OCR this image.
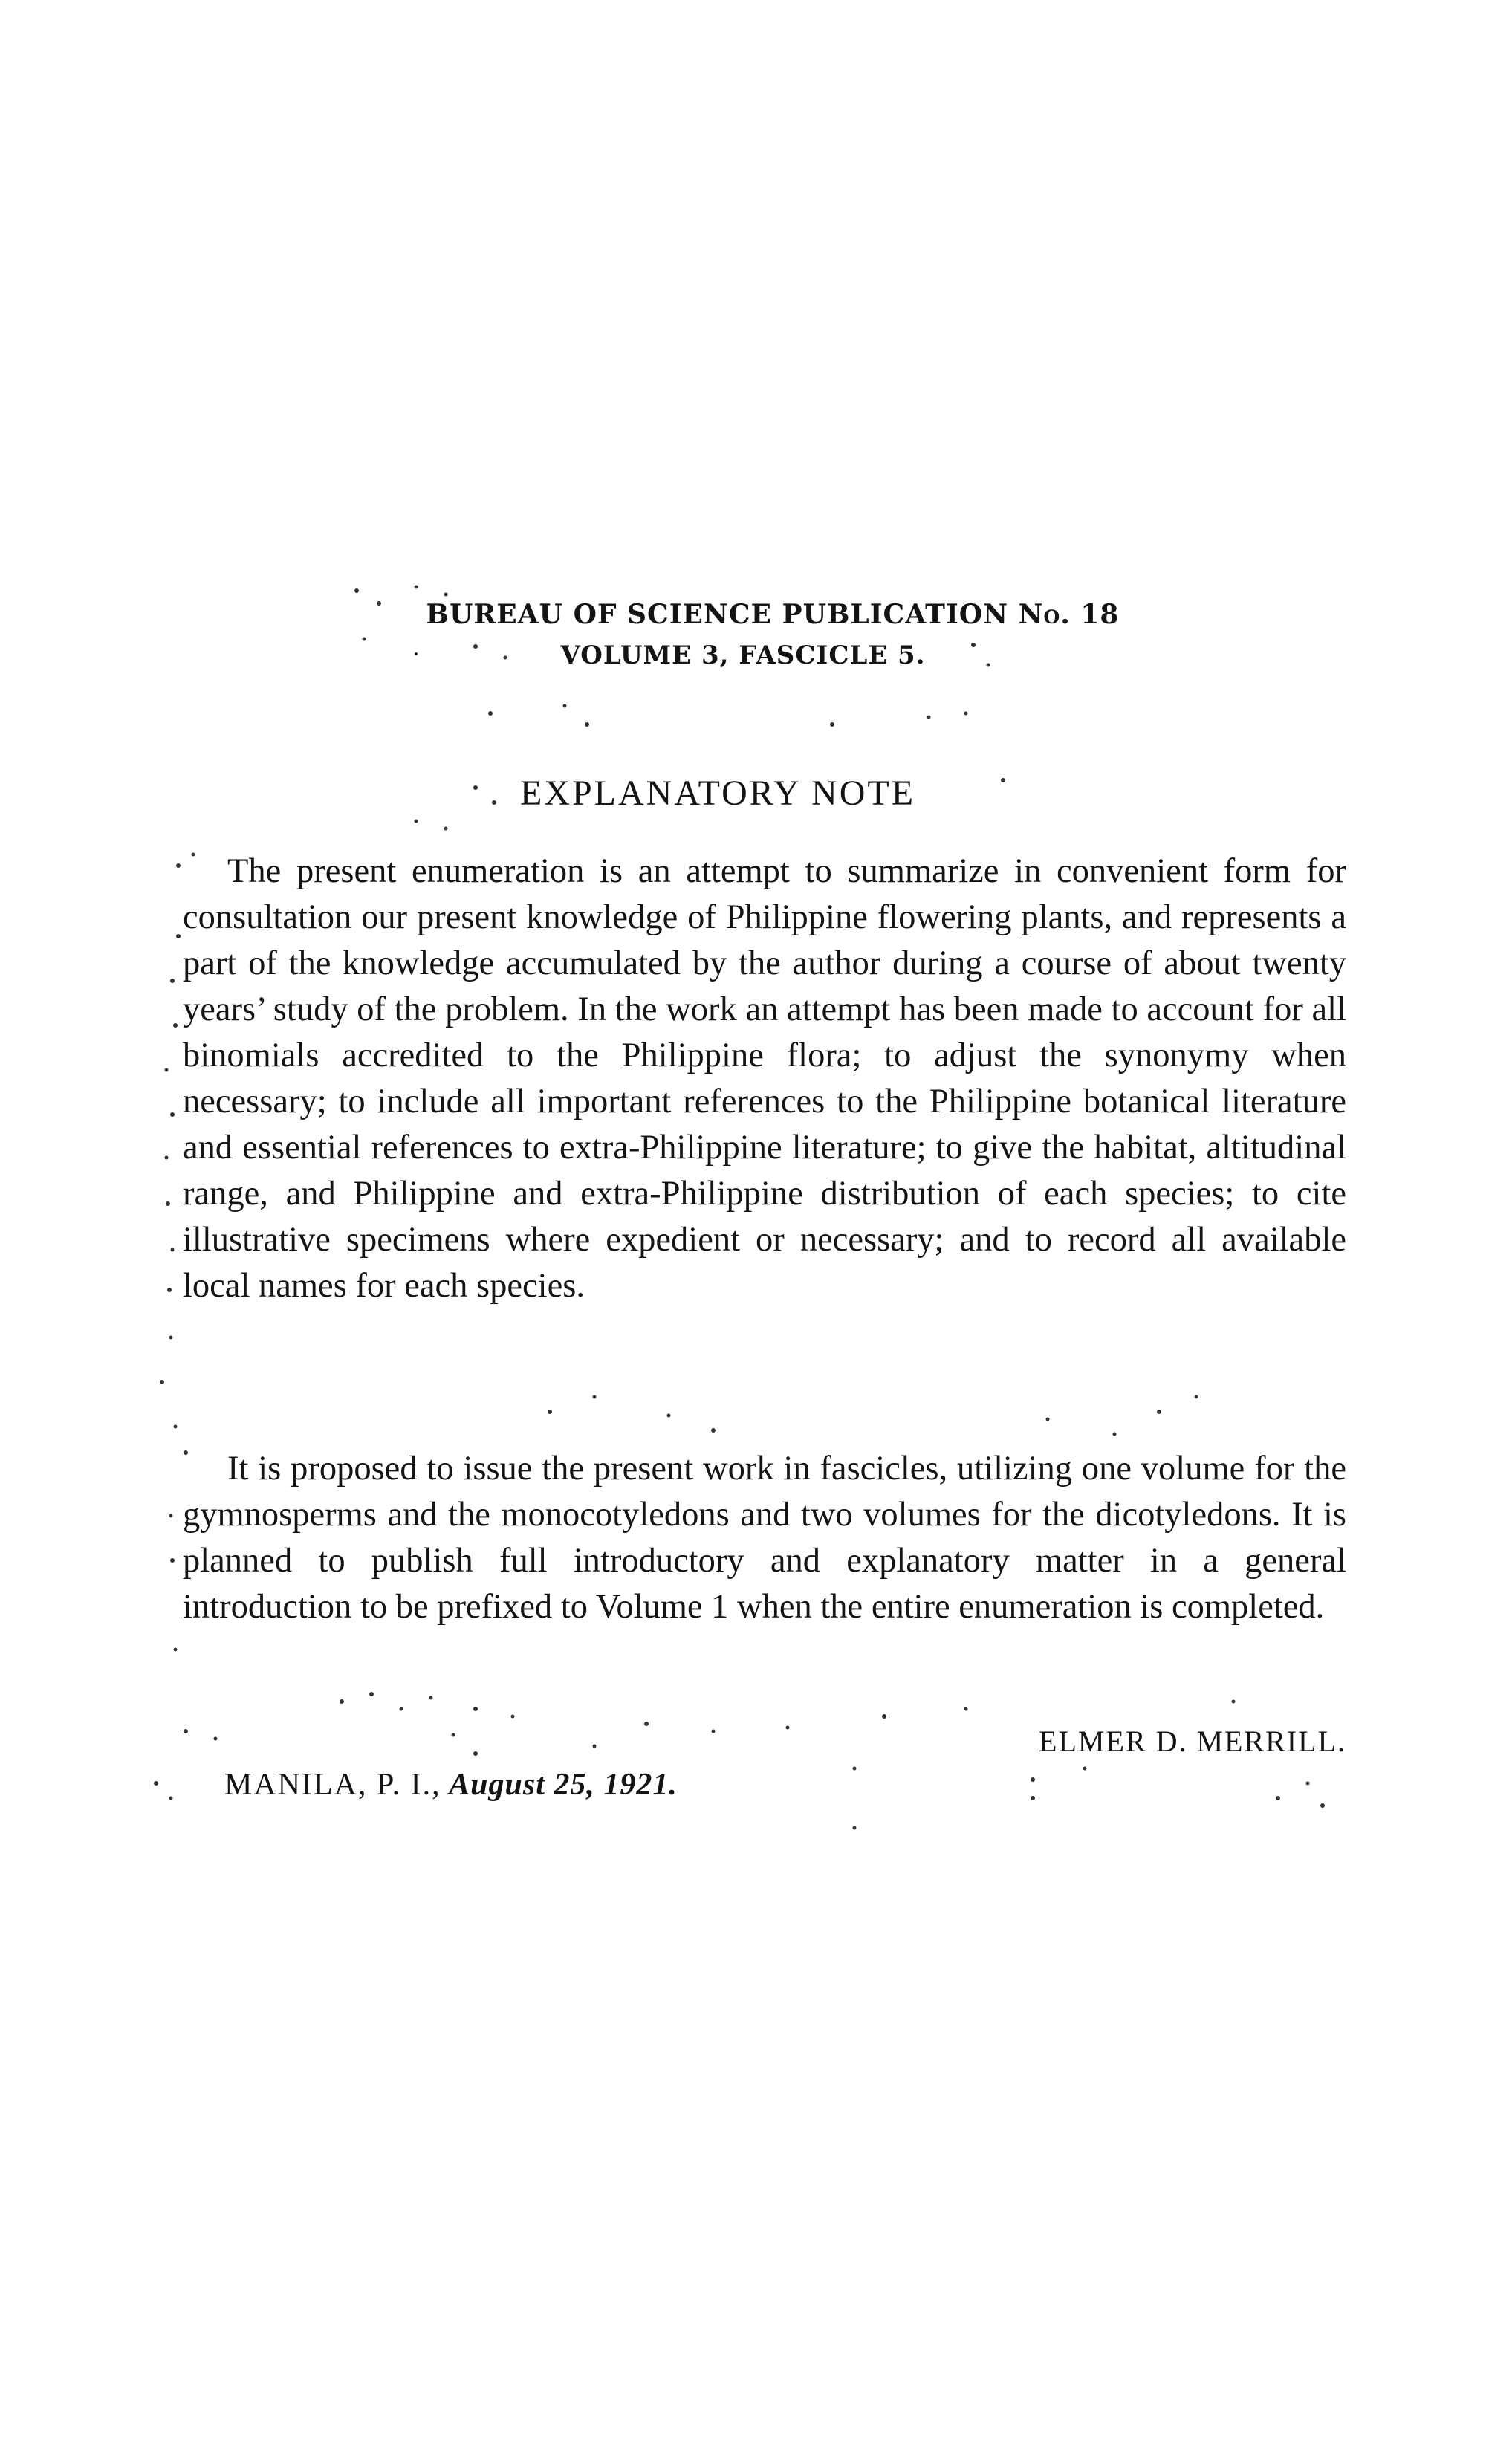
BUREAU OF SCIENCE PUBLICATION No. 18
VOLUME 3, FASCICLE 5.
EXPLANATORY NOTE
The present enumeration is an attempt to summarize in convenient form for consultation our present knowledge of Philippine flowering plants, and represents a part of the knowledge accumulated by the author during a course of about twenty years’ study of the problem. In the work an attempt has been made to account for all binomials accredited to the Philippine flora; to adjust the synonymy when necessary; to include all important references to the Philippine botanical literature and essential references to extra-Philippine literature; to give the habitat, altitudinal range, and Philippine and extra-Philippine distribution of each species; to cite illustrative specimens where expedient or necessary; and to record all available local names for each species.
It is proposed to issue the present work in fascicles, utilizing one volume for the gymnosperms and the monocotyledons and two volumes for the dicotyledons. It is planned to publish full introductory and explanatory matter in a general introduction to be prefixed to Volume 1 when the entire enumeration is completed.
ELMER D. MERRILL.
MANILA, P. I., August 25, 1921.
